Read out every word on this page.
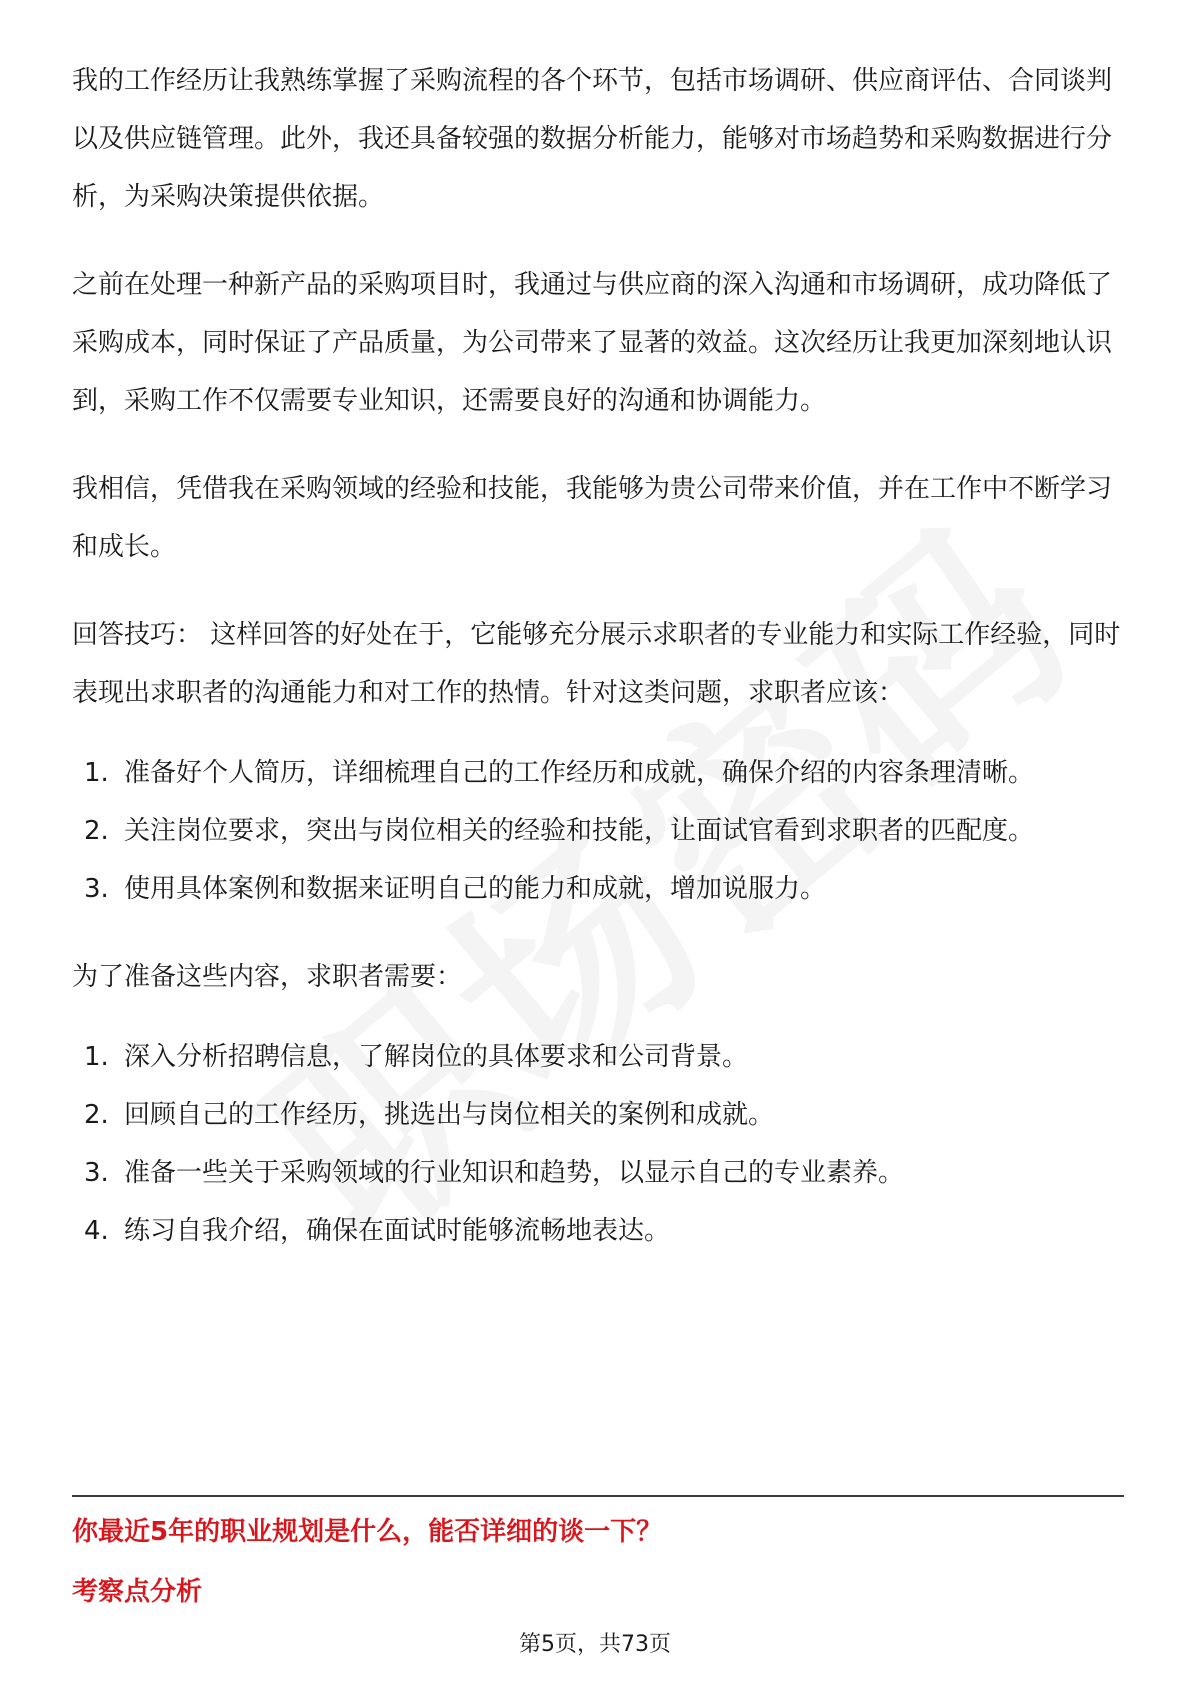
我的工作经历让我熟练掌握了采购流程的各个环节，包括市场调研、供应商评估、合同谈判以及供应链管理。此外，我还具备较强的数据分析能力，能够对市场趋势和采购数据进行分析，为采购决策提供依据。

之前在处理一种新产品的采购项目时，我通过与供应商的深入沟通和市场调研，成功降低了采购成本，同时保证了产品质量，为公司带来了显著的效益。这次经历让我更加深刻地认识到，采购工作不仅需要专业知识，还需要良好的沟通和协调能力。

我相信，凭借我在采购领域的经验和技能，我能够为贵公司带来价值，并在工作中不断学习和成长。

回答技巧： 这样回答的好处在于，它能够充分展示求职者的专业能力和实际工作经验，同时表现出求职者的沟通能力和对工作的热情。针对这类问题，求职者应该：

1. 准备好个人简历，详细梳理自己的工作经历和成就，确保介绍的内容条理清晰。
2. 关注岗位要求，突出与岗位相关的经验和技能，让面试官看到求职者的匹配度。
3. 使用具体案例和数据来证明自己的能力和成就，增加说服力。

为了准备这些内容，求职者需要：

1. 深入分析招聘信息，了解岗位的具体要求和公司背景。
2. 回顾自己的工作经历，挑选出与岗位相关的案例和成就。
3. 准备一些关于采购领域的行业知识和趋势，以显示自己的专业素养。
4. 练习自我介绍，确保在面试时能够流畅地表达。
你最近5年的职业规划是什么，能否详细的谈一下？
考察点分析
第5页，共73页
